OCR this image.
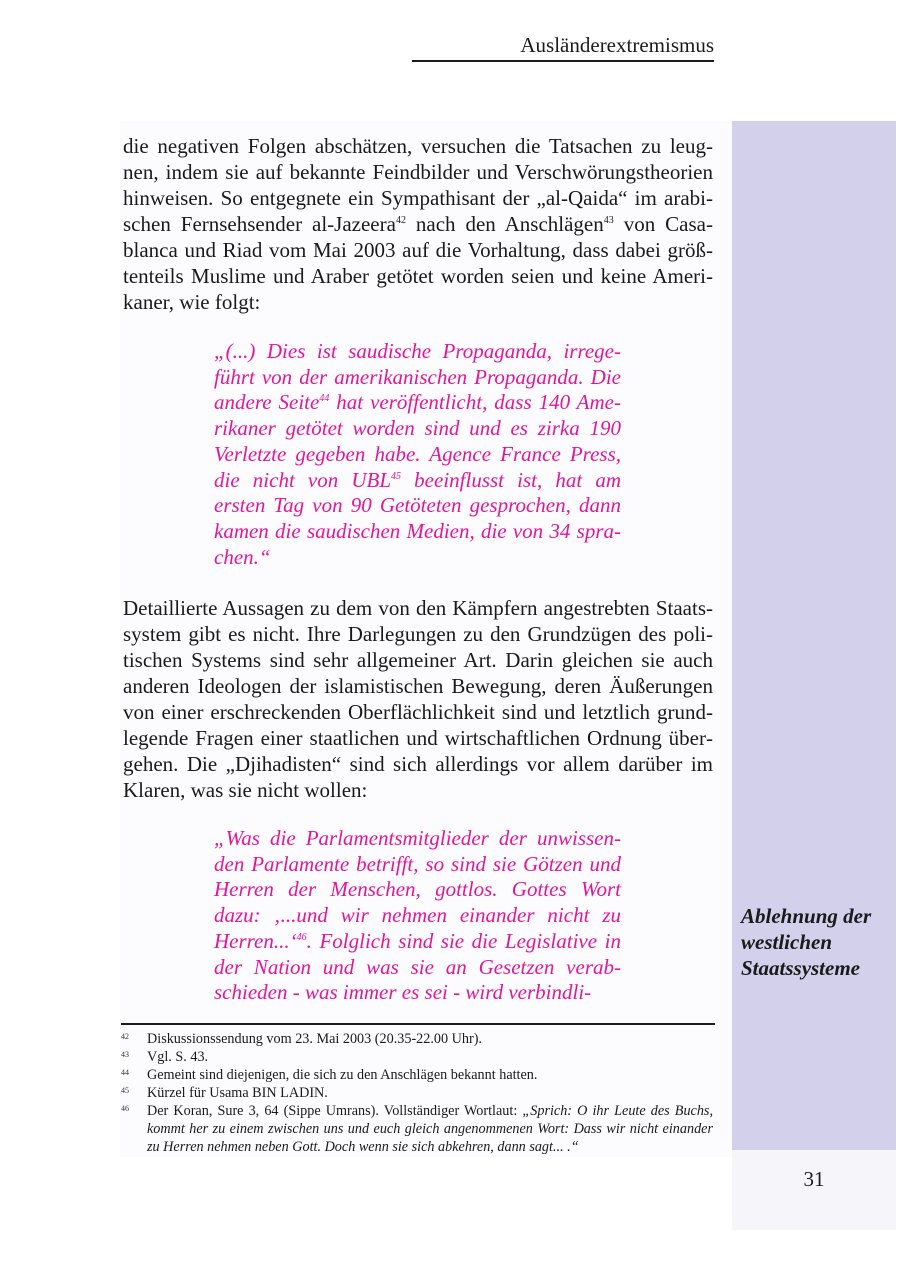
Ausländerextremismus

die negativen Folgen abschätzen, versuchen die Tatsachen zu leugnen, indem sie auf bekannte Feindbilder und Verschwörungstheorien hinweisen. So entgegnete ein Sympathisant der „al-Qaida“ im arabischen Fernsehsender al-Jazeera$^{42}$ nach den Anschlägen$^{43}$ von Casablanca und Riad vom Mai 2003 auf die Vorhaltung, dass dabei größtenteils Muslime und Araber getötet worden seien und keine Amerikaner, wie folgt:

„(...) Dies ist saudische Propaganda, irregeführt von der amerikanischen Propaganda. Die andere Seite$^{44}$ hat veröffentlicht, dass 140 Amerikaner getötet worden sind und es zirka 190 Verletzte gegeben habe. Agence France Press, die nicht von UBL$^{45}$ beeinflusst ist, hat am ersten Tag von 90 Getöteten gesprochen, dann kamen die saudischen Medien, die von 34 sprachen.“

Detaillierte Aussagen zu dem von den Kämpfern angestrebten Staatssystem gibt es nicht. Ihre Darlegungen zu den Grundzügen des politischen Systems sind sehr allgemeiner Art. Darin gleichen sie auch anderen Ideologen der islamistischen Bewegung, deren Äußerungen von einer erschreckenden Oberflächlichkeit sind und letztlich grundlegende Fragen einer staatlichen und wirtschaftlichen Ordnung übergehen. Die „Djihadisten“ sind sich allerdings vor allem darüber im Klaren, was sie nicht wollen:

„Was die Parlamentsmitglieder der unwissenden Parlamente betrifft, so sind sie Götzen und Herren der Menschen, gottlos. Gottes Wort dazu: ‚...und wir nehmen einander nicht zu Herren...‘$^{46}$. Folglich sind sie die Legislative in der Nation und was sie an Gesetzen verabschieden - was immer es sei - wird verbindli-

Ablehnung der westlichen Staatssysteme
42	Diskussionssendung vom 23. Mai 2003 (20.35-22.00 Uhr).
43	Vgl. S. 43.
44	Gemeint sind diejenigen, die sich zu den Anschlägen bekannt hatten.
45	Kürzel für Usama BIN LADIN.
46	Der Koran, Sure 3, 64 (Sippe Umrans). Vollständiger Wortlaut: „Sprich: O ihr Leute des Buchs, kommt her zu einem zwischen uns und euch gleich angenommenen Wort: Dass wir nicht einander zu Herren nehmen neben Gott. Doch wenn sie sich abkehren, dann sagt... .“
31
